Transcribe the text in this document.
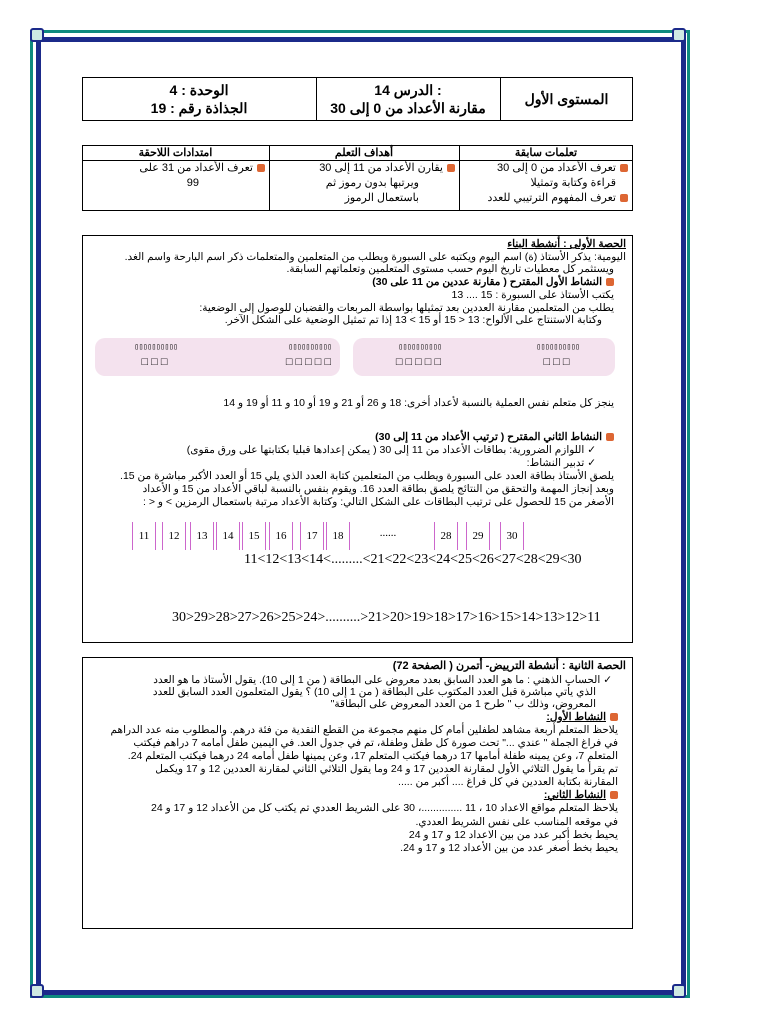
المستوى الأول
الدرس 14 :
مقارنة الأعداد من 0 إلى 30
الوحدة : 4
الجذاذة رقم : 19
تعلمات سابقة
تعرف الأعداد من 0 إلى 30
قراءة وكتابة وتمثيلا
تعرف المفهوم الترتيبي للعدد
أهداف التعلم
يقارن الأعداد من 11 إلى 30
ويرتبها بدون رموز ثم
باستعمال الرموز
امتدادات اللاحقة
تعرف الأعداد من 31 على
99
الحصة الأولى : أنشطة البناء
اليومية: يذكر الأستاذ (ة) اسم اليوم ويكتبه على السبورة ويطلب من المتعلمين والمتعلمات ذكر اسم البارحة واسم الغد.
ويستثمر كل معطيات تاريخ اليوم حسب مستوى المتعلمين وتعلماتهم السابقة.
النشاط الأول المقترح ( مقارنة عددين من 11 على 30)
يكتب الأستاذ على السبورة : 15 .... 13
يطلب من المتعلمين مقارنة العددين بعد تمثيلها بواسطة المربعات والقضبان للوصول إلى الوضعية:
وكتابة الاستنتاج على الألواح: 13 < 15 أو 15 > 13 إذا تم تمثيل الوضعية على الشكل الآخر.
▯▯▯▯▯▯▯▯▯▯
□□□
▯▯▯▯▯▯▯▯▯▯
□□□□□
▯▯▯▯▯▯▯▯▯▯
□□□□□
▯▯▯▯▯▯▯▯▯▯
□□□
ينجز كل متعلم نفس العملية بالنسبة لأعداد أخرى: 18 و 26 أو 21 و 19 أو 10 و 11 أو 19 و 14
النشاط الثاني المقترح ( ترتيب الأعداد من 11 إلى 30)
✓ اللوازم الضرورية: بطاقات الأعداد من 11 إلى 30 ( يمكن إعدادها قبليا بكتابتها على ورق مقوى)
✓ تدبير النشاط:
يلصق الأستاذ بطاقة العدد على السبورة ويطلب من المتعلمين كتابة العدد الذي يلي 15 أو العدد الأكبر مباشرة من 15.
وبعد إنجاز المهمة والتحقق من النتائج يلصق بطاقة العدد 16. ويقوم بنفس بالنسبة لباقي الأعداد من 15 و الأعداد
الأصغر من 15 للحصول على ترتيب البطاقات على الشكل التالي: وكتابة الأعداد مرتبة باستعمال الرمزين > و < :
11	12	13	14	15	16	17	18	......	28	29	30
11<12<13<14<.........<21<22<23<24<25<26<27<28<29<30
30>29>28>27>26>25>24>..........>21>20>19>18>17>16>15>14>13>12>11
الحصة الثانية : أنشطة الترييض- أتمرن ( الصفحة 72)
✓ الحساب الذهني : ما هو العدد السابق بعدد معروض على البطاقة ( من 1 إلى 10). يقول الأستاذ ما هو العدد
الذي يأتي مباشرة قبل العدد المكتوب على البطاقة ( من 1 إلى 10) ؟ يقول المتعلمون العدد السابق للعدد
المعروض، وذلك ب " طرح 1 من العدد المعروض على البطاقة"
النشاط الأول:
يلاحظ المتعلم أربعة مشاهد لطفلين أمام كل منهم مجموعة من القطع النقدية من فئة درهم. والمطلوب منه عدد الدراهم
في فراغ الجملة " عندي ..." تحت صورة كل طفل وطفلة، تم في جدول العد. في اليمين طفل أمامه 7 دراهم فيكتب
المتعلم 7، وعن يمينه طفلة أمامها 17 درهما فيكتب المتعلم 17، وعن يمينها طفل أمامه 24 درهما فيكتب المتعلم 24.
تم يقرأ ما يقول التلاثي الأول لمقارنة العددين 17 و 24 وما يقول التلاثي الثاني لمقارنة العددين 12 و 17 ويكمل
المقارنة بكتابة العددين في كل فراغ .... أكبر من .....
النشاط الثاني:
يلاحظ المتعلم مواقع الاعداد 10 ، 11 ..............، 30 على الشريط العددي تم يكتب كل من الأعداد 12 و 17 و 24
في موقعه المناسب على نفس الشريط العددي.
يحيط بخط أكبر عدد من بين الاعداد 12 و 17 و 24
يحيط بخط أصغر عدد من بين الأعداد 12 و 17 و 24.
